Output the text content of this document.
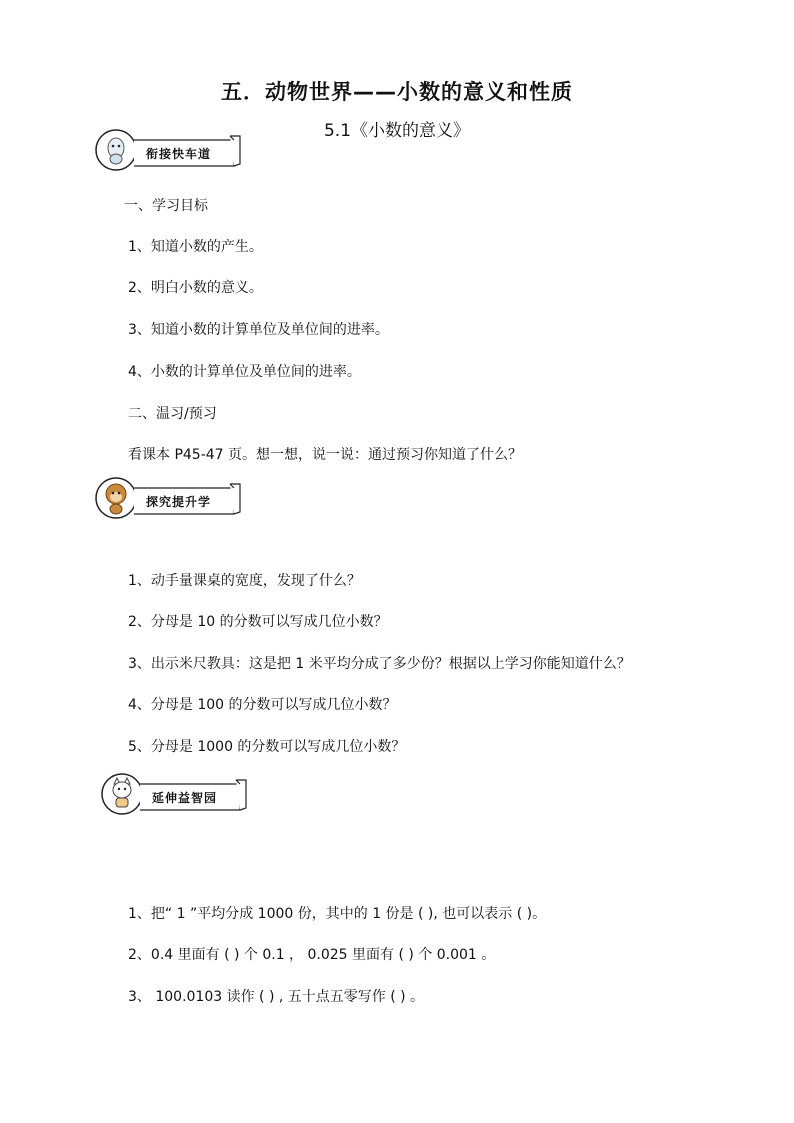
五．动物世界——小数的意义和性质
5.1《小数的意义》
衔接快车道
一、学习目标
1、知道小数的产生。
2、明白小数的意义。
3、知道小数的计算单位及单位间的进率。
4、小数的计算单位及单位间的进率。
二、温习/预习
看课本 P45-47 页。想一想，说一说：通过预习你知道了什么？
探究提升学
1、动手量课桌的宽度，发现了什么？
2、分母是 10 的分数可以写成几位小数？
3、出示米尺教具：这是把 1 米平均分成了多少份？根据以上学习你能知道什么？
4、分母是 100 的分数可以写成几位小数？
5、分母是 1000 的分数可以写成几位小数？
延伸益智园
1、把“ 1 ”平均分成 1000 份，其中的 1 份是 ( ), 也可以表示 ( )。
2、0.4 里面有 ( ) 个 0.1 ， 0.025 里面有 ( ) 个 0.001 。
3、 100.0103 读作 ( ) , 五十点五零写作 ( ) 。
